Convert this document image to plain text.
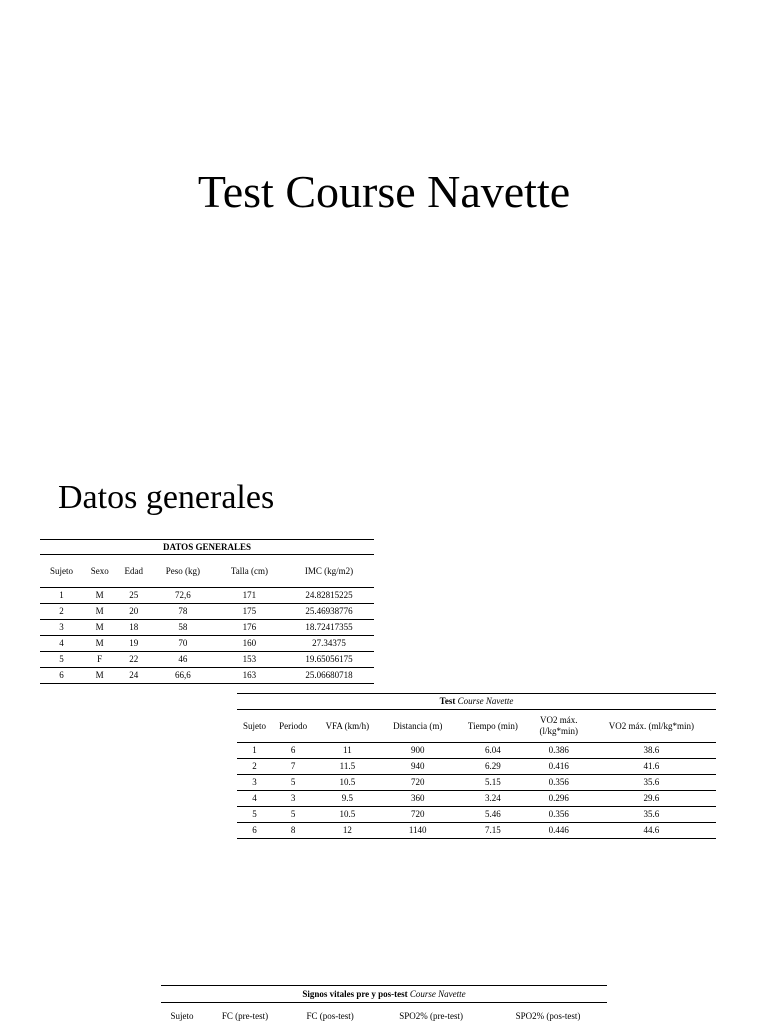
Test Course Navette
Datos generales
DATOS GENERALES					
Sujeto	Sexo	Edad	Peso (kg)	Talla (cm)	IMC (kg/m2)
1	M	25	72,6	171	24.82815225
2	M	20	78	175	25.46938776
3	M	18	58	176	18.72417355
4	M	19	70	160	27.34375
5	F	22	46	153	19.65056175
6	M	24	66,6	163	25.06680718
Test Course Navette						
Sujeto	Periodo	VFA (km/h)	Distancia (m)	Tiempo (min)	VO2 máx. (l/kg*min)	VO2 máx. (ml/kg*min)
1	6	11	900	6.04	0.386	38.6
2	7	11.5	940	6.29	0.416	41.6
3	5	10.5	720	5.15	0.356	35.6
4	3	9.5	360	3.24	0.296	29.6
5	5	10.5	720	5.46	0.356	35.6
6	8	12	1140	7.15	0.446	44.6
Signos vitales pre y pos-test Course Navette
Sujeto	FC (pre-test)	FC (pos-test)	SPO2% (pre-test)	SPO2% (pos-test)
